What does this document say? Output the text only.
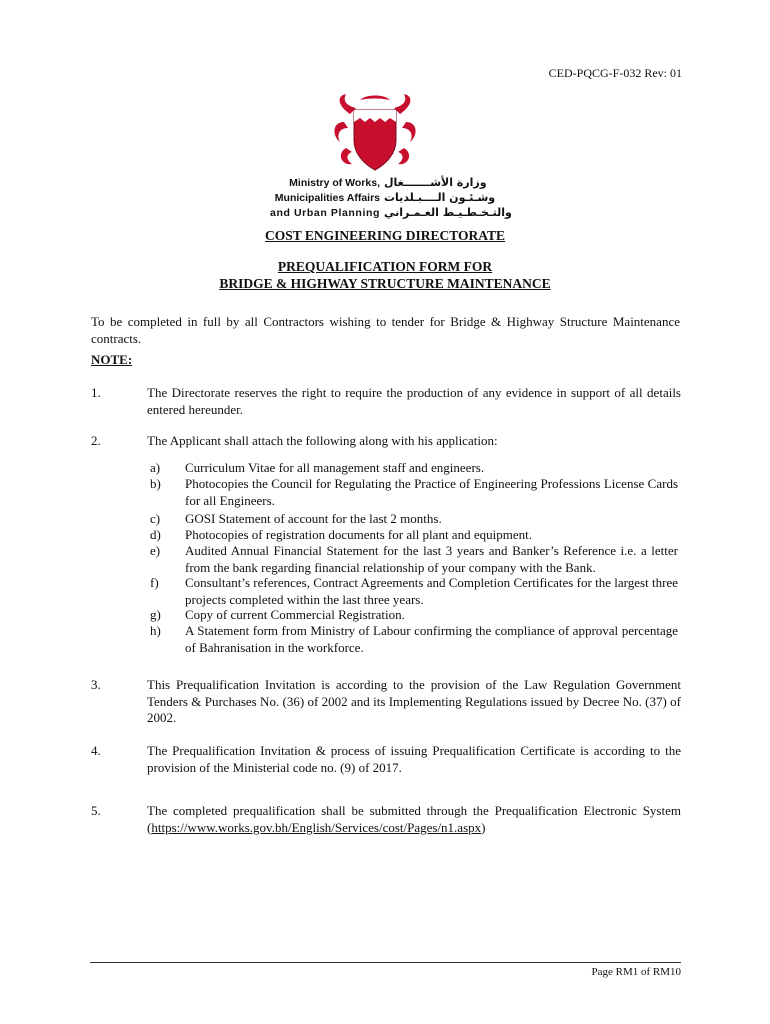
CED-PQCG-F-032 Rev: 01
Ministry of Works,
Municipalities Affairs
and Urban Planning
وزارة الأشـــــــغال
وشـئـون الــــبـلديات
والتـخـطـيـط العـمـراني
COST ENGINEERING DIRECTORATE
PREQUALIFICATION FORM FOR
BRIDGE & HIGHWAY STRUCTURE MAINTENANCE
To be completed in full by all Contractors wishing to tender for Bridge & Highway Structure Maintenance contracts.
NOTE:
1.	The Directorate reserves the right to require the production of any evidence in support of all details entered hereunder.
2.	The Applicant shall attach the following along with his application:
a) Curriculum Vitae for all management staff and engineers.
b) Photocopies the Council for Regulating the Practice of Engineering Professions License Cards for all Engineers.
c) GOSI Statement of account for the last 2 months.
d) Photocopies of registration documents for all plant and equipment.
e) Audited Annual Financial Statement for the last 3 years and Banker’s Reference i.e. a letter from the bank regarding financial relationship of your company with the Bank.
f) Consultant’s references, Contract Agreements and Completion Certificates for the largest three projects completed within the last three years.
g) Copy of current Commercial Registration.
h) A Statement form from Ministry of Labour confirming the compliance of approval percentage of Bahranisation in the workforce.
3.	This Prequalification Invitation is according to the provision of the Law Regulation Government Tenders & Purchases No. (36) of 2002 and its Implementing Regulations issued by Decree No. (37) of 2002.
4.	The Prequalification Invitation & process of issuing Prequalification Certificate is according to the provision of the Ministerial code no. (9) of 2017.
5.	The completed prequalification shall be submitted through the Prequalification Electronic System (https://www.works.gov.bh/English/Services/cost/Pages/n1.aspx)
Page RM1 of RM10
